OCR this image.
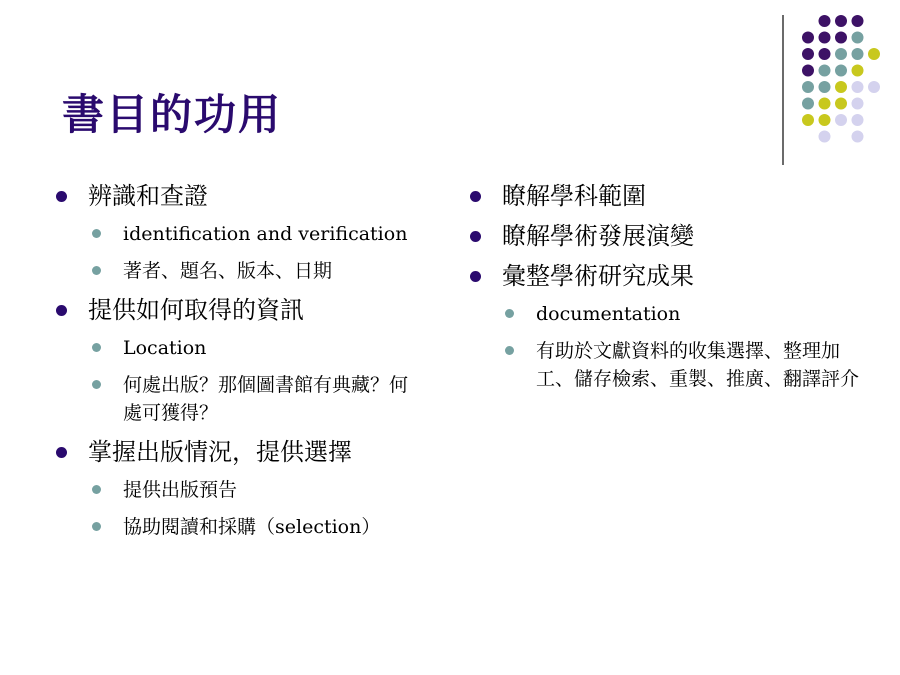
書目的功用
辨識和查證
identification and verification
著者、題名、版本、日期
提供如何取得的資訊
Location
何處出版？那個圖書館有典藏？何處可獲得？
掌握出版情況，提供選擇
提供出版預告
協助閱讀和採購（selection）
瞭解學科範圍
瞭解學術發展演變
彙整學術研究成果
documentation
有助於文獻資料的收集選擇、整理加工、儲存檢索、重製、推廣、翻譯評介
